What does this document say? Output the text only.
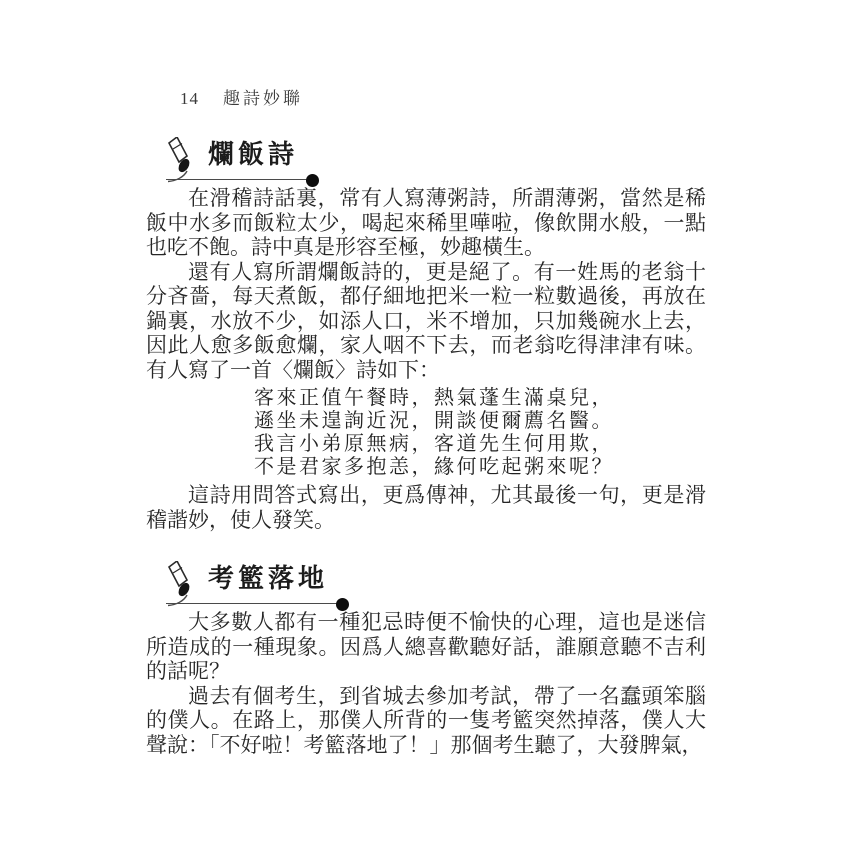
14 趣詩妙聯
爛飯詩

在滑稽詩話裏，常有人寫薄粥詩，所謂薄粥，當然是稀飯中水多而飯粒太少，喝起來稀里嘩啦，像飲開水般，一點也吃不飽。詩中真是形容至極，妙趣橫生。

還有人寫所謂爛飯詩的，更是絕了。有一姓馬的老翁十分吝嗇，每天煮飯，都仔細地把米一粒一粒數過後，再放在鍋裏，水放不少，如添人口，米不增加，只加幾碗水上去，因此人愈多飯愈爛，家人咽不下去，而老翁吃得津津有味。有人寫了一首〈爛飯〉詩如下：

客來正值午餐時，熱氣蓬生滿桌兒，
遜坐未遑詢近況，開談便爾薦名醫。
我言小弟原無病，客道先生何用欺，
不是君家多抱恙，緣何吃起粥來呢？

這詩用問答式寫出，更爲傳神，尤其最後一句，更是滑稽諧妙，使人發笑。

考籃落地

大多數人都有一種犯忌時便不愉快的心理，這也是迷信所造成的一種現象。因爲人總喜歡聽好話，誰願意聽不吉利的話呢？

過去有個考生，到省城去參加考試，帶了一名蠢頭笨腦的僕人。在路上，那僕人所背的一隻考籃突然掉落，僕人大聲說：「不好啦！考籃落地了！」那個考生聽了，大發脾氣，
